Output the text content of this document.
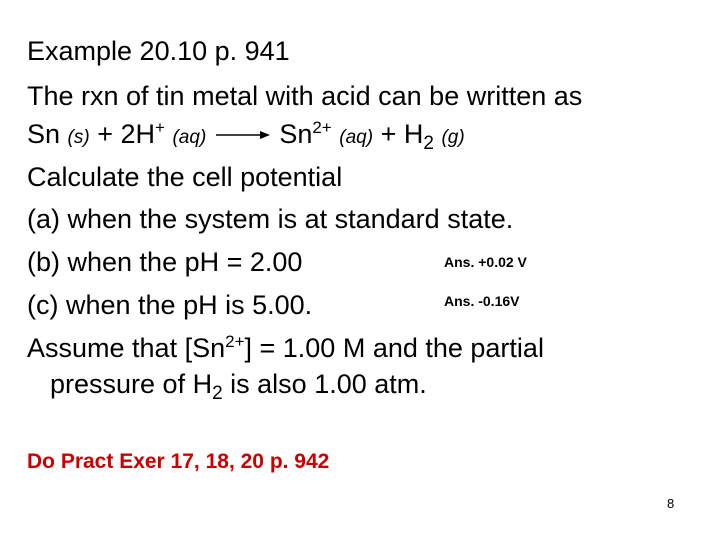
Example 20.10 p. 941
The rxn of tin metal with acid can be written as
Sn (s) + 2H+ $(aq) \to Sn^{2+}$ $(aq) + H_2$ (g)
Calculate the cell potential
(a) when the system is at standard state.
(b) when the pH = 2.00	Ans. +0.02 V
(c) when the pH is 5.00.	Ans. -0.16V
Assume that $[Sn^{2+}] = 1.00$ M and the partial
pressure of $H_2$ is also 1.00 atm.
Do Pract Exer 17, 18, 20 p. 942
8
